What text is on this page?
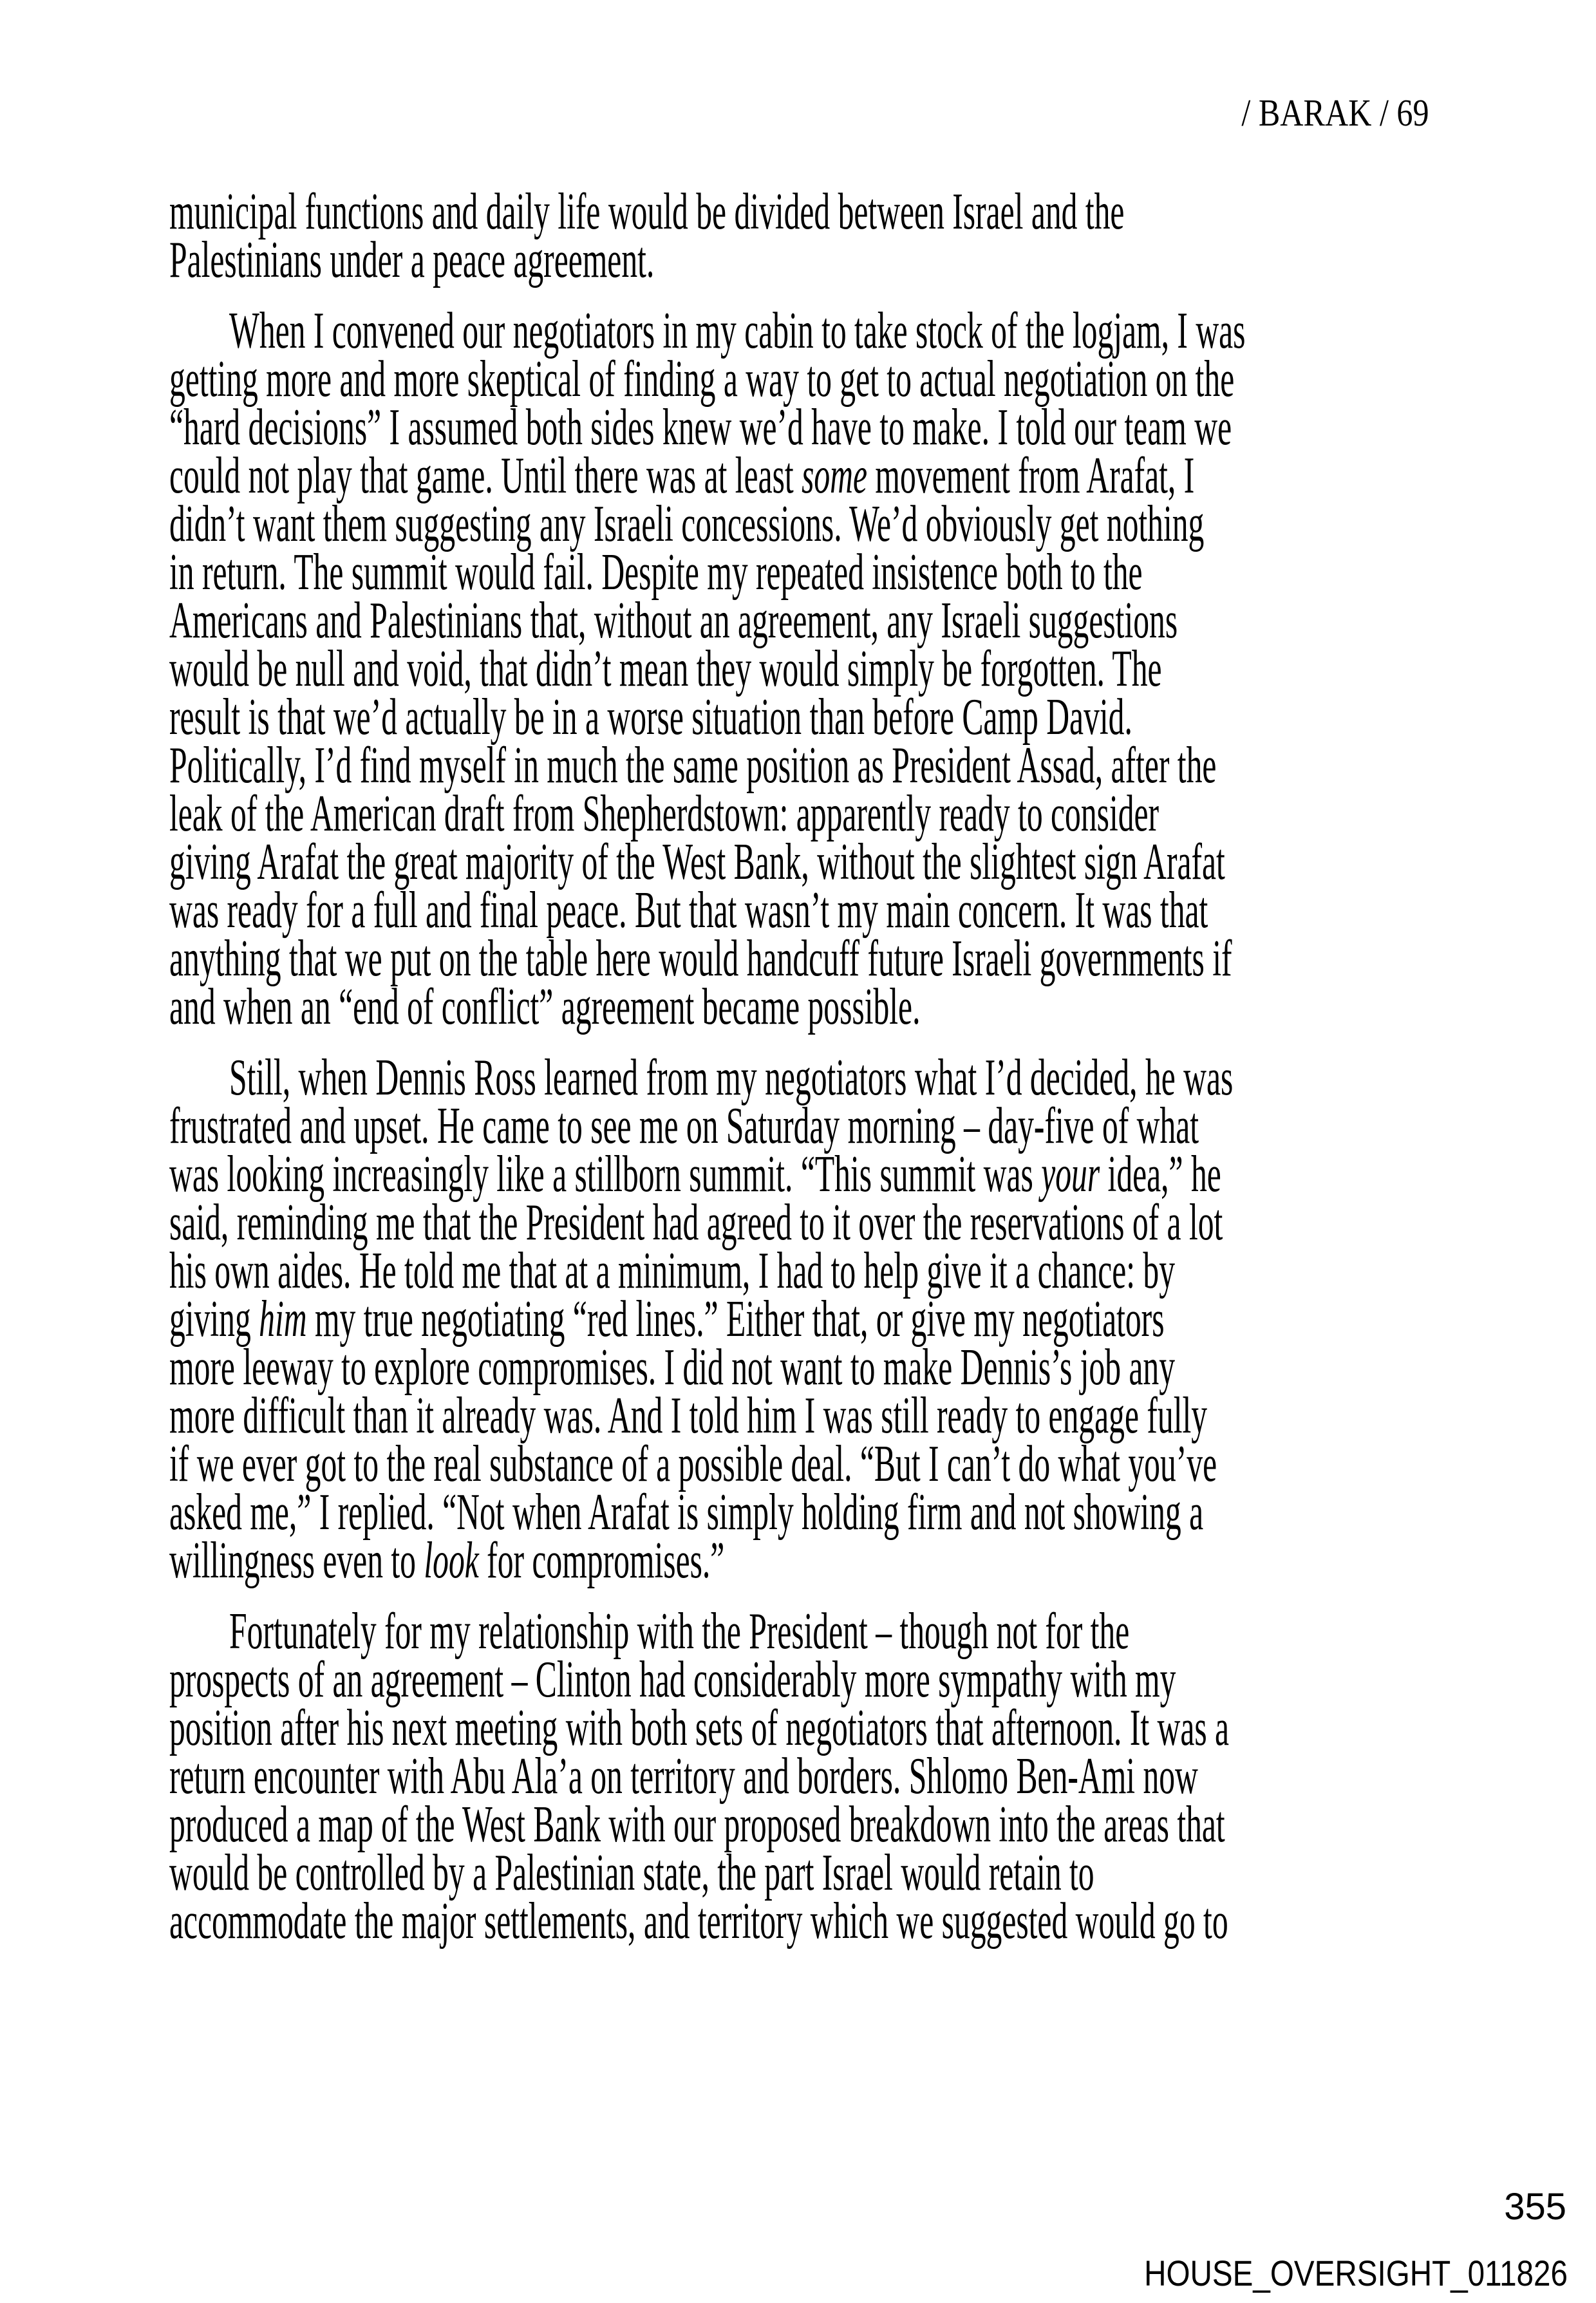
/ BARAK / 69
municipal functions and daily life would be divided between Israel and the
Palestinians under a peace agreement.
When I convened our negotiators in my cabin to take stock of the logjam, I was
getting more and more skeptical of finding a way to get to actual negotiation on the
“hard decisions” I assumed both sides knew we’d have to make. I told our team we
could not play that game. Until there was at least some movement from Arafat, I
didn’t want them suggesting any Israeli concessions. We’d obviously get nothing
in return. The summit would fail. Despite my repeated insistence both to the
Americans and Palestinians that, without an agreement, any Israeli suggestions
would be null and void, that didn’t mean they would simply be forgotten. The
result is that we’d actually be in a worse situation than before Camp David.
Politically, I’d find myself in much the same position as President Assad, after the
leak of the American draft from Shepherdstown: apparently ready to consider
giving Arafat the great majority of the West Bank, without the slightest sign Arafat
was ready for a full and final peace. But that wasn’t my main concern. It was that
anything that we put on the table here would handcuff future Israeli governments if
and when an “end of conflict” agreement became possible.
Still, when Dennis Ross learned from my negotiators what I’d decided, he was
frustrated and upset. He came to see me on Saturday morning – day-five of what
was looking increasingly like a stillborn summit. “This summit was your idea,” he
said, reminding me that the President had agreed to it over the reservations of a lot
his own aides. He told me that at a minimum, I had to help give it a chance: by
giving him my true negotiating “red lines.” Either that, or give my negotiators
more leeway to explore compromises. I did not want to make Dennis’s job any
more difficult than it already was. And I told him I was still ready to engage fully
if we ever got to the real substance of a possible deal. “But I can’t do what you’ve
asked me,” I replied. “Not when Arafat is simply holding firm and not showing a
willingness even to look for compromises.”
Fortunately for my relationship with the President – though not for the
prospects of an agreement – Clinton had considerably more sympathy with my
position after his next meeting with both sets of negotiators that afternoon. It was a
return encounter with Abu Ala’a on territory and borders. Shlomo Ben-Ami now
produced a map of the West Bank with our proposed breakdown into the areas that
would be controlled by a Palestinian state, the part Israel would retain to
accommodate the major settlements, and territory which we suggested would go to
355
HOUSE_OVERSIGHT_011826
